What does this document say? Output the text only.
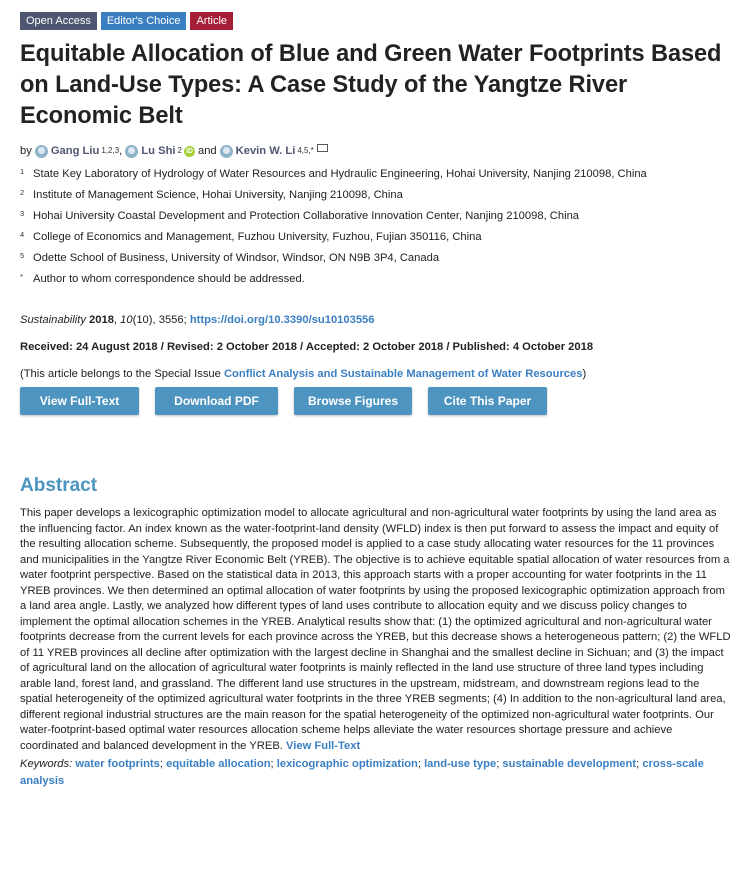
Open Access	Editor's Choice	Article
Equitable Allocation of Blue and Green Water Footprints Based on Land-Use Types: A Case Study of the Yangtze River Economic Belt
by Gang Liu 1,2,3 ,
Lu Shi 2 iD and Kevin W. Li 4,5,*
1 State Key Laboratory of Hydrology of Water Resources and Hydraulic Engineering, Hohai University, Nanjing 210098, China
2 Institute of Management Science, Hohai University, Nanjing 210098, China
3 Hohai University Coastal Development and Protection Collaborative Innovation Center, Nanjing 210098, China
4 College of Economics and Management, Fuzhou University, Fuzhou, Fujian 350116, China
5 Odette School of Business, University of Windsor, Windsor, ON N9B 3P4, Canada
* Author to whom correspondence should be addressed.
Sustainability 2018, 10(10), 3556; https://doi.org/10.3390/su10103556
Received: 24 August 2018 / Revised: 2 October 2018 / Accepted: 2 October 2018 / Published: 4 October 2018
(This article belongs to the Special Issue Conflict Analysis and Sustainable Management of Water Resources)
View Full-Text	Download PDF	Browse Figures	Cite This Paper
Abstract
This paper develops a lexicographic optimization model to allocate agricultural and non-agricultural water footprints by using the land area as the influencing factor. An index known as the water-footprint-land density (WFLD) index is then put forward to assess the impact and equity of the resulting allocation scheme. Subsequently, the proposed model is applied to a case study allocating water resources for the 11 provinces and municipalities in the Yangtze River Economic Belt (YREB). The objective is to achieve equitable spatial allocation of water resources from a water footprint perspective. Based on the statistical data in 2013, this approach starts with a proper accounting for water footprints in the 11 YREB provinces. We then determined an optimal allocation of water footprints by using the proposed lexicographic optimization approach from a land area angle. Lastly, we analyzed how different types of land uses contribute to allocation equity and we discuss policy changes to implement the optimal allocation schemes in the YREB. Analytical results show that: (1) the optimized agricultural and non-agricultural water footprints decrease from the current levels for each province across the YREB, but this decrease shows a heterogeneous pattern; (2) the WFLD of 11 YREB provinces all decline after optimization with the largest decline in Shanghai and the smallest decline in Sichuan; and (3) the impact of agricultural land on the allocation of agricultural water footprints is mainly reflected in the land use structure of three land types including arable land, forest land, and grassland. The different land use structures in the upstream, midstream, and downstream regions lead to the spatial heterogeneity of the optimized agricultural water footprints in the three YREB segments; (4) In addition to the non-agricultural land area, different regional industrial structures are the main reason for the spatial heterogeneity of the optimized non-agricultural water footprints. Our water-footprint-based optimal water resources allocation scheme helps alleviate the water resources shortage pressure and achieve coordinated and balanced development in the YREB. View Full-Text
Keywords: water footprints; equitable allocation; lexicographic optimization; land-use type; sustainable development; cross-scale analysis
